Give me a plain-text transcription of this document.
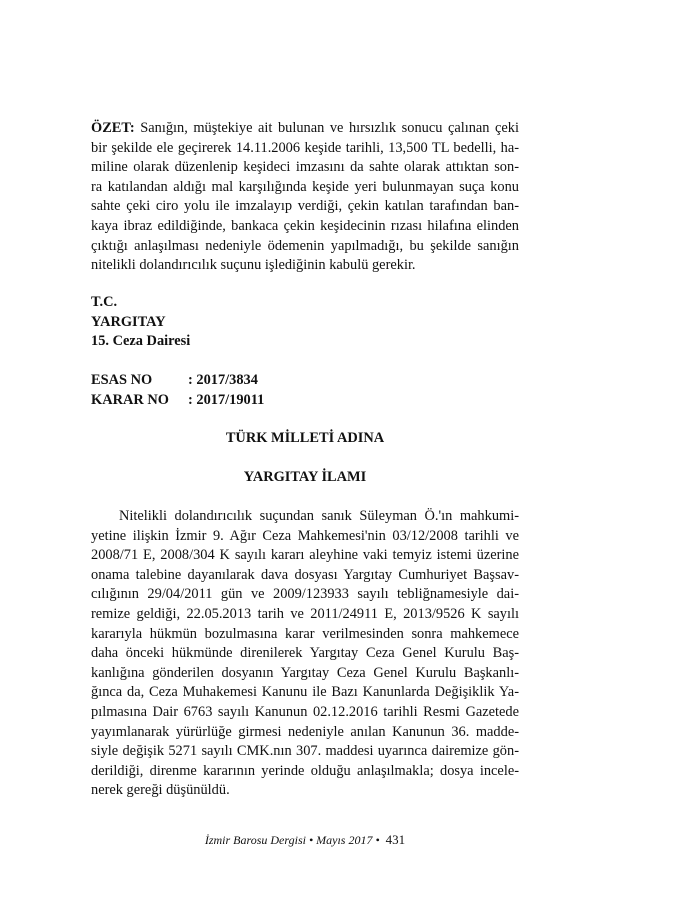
ÖZET: Sanığın, müştekiye ait bulunan ve hırsızlık sonucu çalınan çeki
bir şekilde ele geçirerek 14.11.2006 keşide tarihli, 13,500 TL bedelli, ha-
miline olarak düzenlenip keşideci imzasını da sahte olarak attıktan son-
ra katılandan aldığı mal karşılığında keşide yeri bulunmayan suça konu
sahte çeki ciro yolu ile imzalayıp verdiği, çekin katılan tarafından ban-
kaya ibraz edildiğinde, bankaca çekin keşidecinin rızası hilafına elinden
çıktığı anlaşılması nedeniyle ödemenin yapılmadığı, bu şekilde sanığın
nitelikli dolandırıcılık suçunu işlediğinin kabulü gerekir.
T.C.
YARGITAY
15. Ceza Dairesi
ESAS NO : 2017/3834
KARAR NO : 2017/19011
TÜRK MİLLETİ ADINA
YARGITAY İLAMI
Nitelikli dolandırıcılık suçundan sanık Süleyman Ö.'ın mahkumi-
yetine ilişkin İzmir 9. Ağır Ceza Mahkemesi'nin 03/12/2008 tarihli ve
2008/71 E, 2008/304 K sayılı kararı aleyhine vaki temyiz istemi üzerine
onama talebine dayanılarak dava dosyası Yargıtay Cumhuriyet Başsav-
cılığının 29/04/2011 gün ve 2009/123933 sayılı tebliğnamesiyle dai-
remize geldiği, 22.05.2013 tarih ve 2011/24911 E, 2013/9526 K sayılı
kararıyla hükmün bozulmasına karar verilmesinden sonra mahkemece
daha önceki hükmünde direnilerek Yargıtay Ceza Genel Kurulu Baş-
kanlığına gönderilen dosyanın Yargıtay Ceza Genel Kurulu Başkanlı-
ğınca da, Ceza Muhakemesi Kanunu ile Bazı Kanunlarda Değişiklik Ya-
pılmasına Dair 6763 sayılı Kanunun 02.12.2016 tarihli Resmi Gazetede
yayımlanarak yürürlüğe girmesi nedeniyle anılan Kanunun 36. madde-
siyle değişik 5271 sayılı CMK.nın 307. maddesi uyarınca dairemize gön-
derildiği, direnme kararının yerinde olduğu anlaşılmakla; dosya incele-
nerek gereği düşünüldü.
İzmir Barosu Dergisi • Mayıs 2017 • 431
